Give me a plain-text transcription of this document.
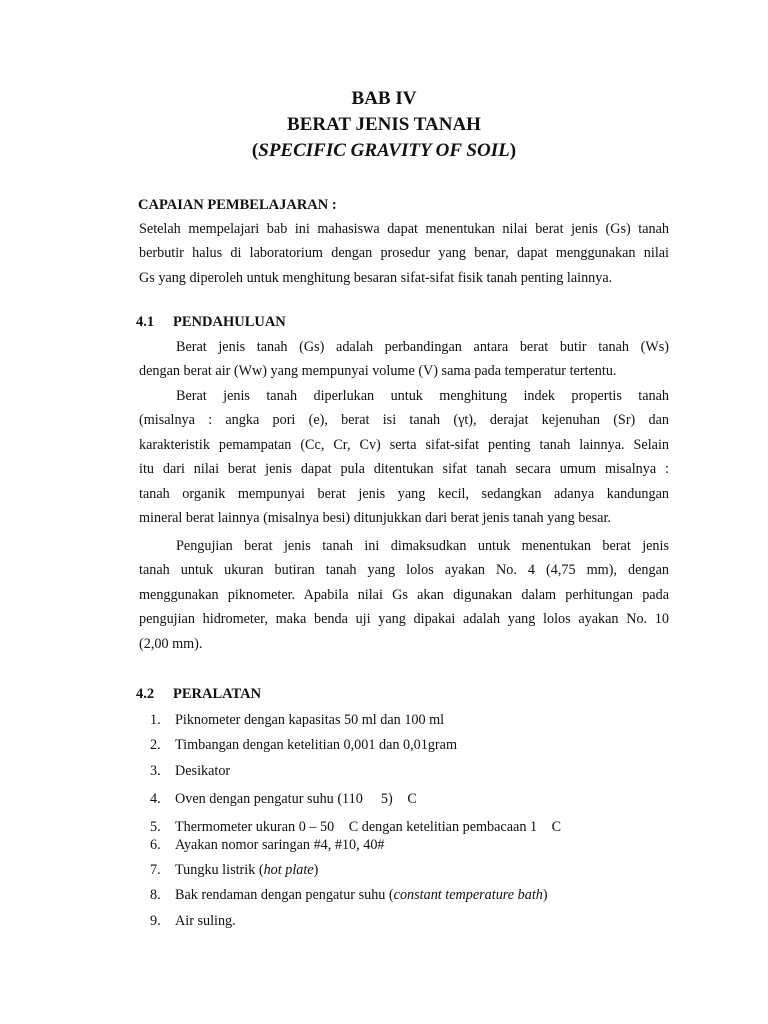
BAB IV
BERAT JENIS TANAH
(SPECIFIC GRAVITY OF SOIL)
CAPAIAN PEMBELAJARAN :
Setelah mempelajari bab ini mahasiswa dapat menentukan nilai berat jenis (Gs) tanah
berbutir halus di laboratorium dengan prosedur yang benar, dapat menggunakan nilai
Gs yang diperoleh untuk menghitung besaran sifat-sifat fisik tanah penting lainnya.
4.1 PENDAHULUAN
Berat jenis tanah (Gs) adalah perbandingan antara berat butir tanah (Ws)
dengan berat air (Ww) yang mempunyai volume (V) sama pada temperatur tertentu.
Berat jenis tanah diperlukan untuk menghitung indek propertis tanah
(misalnya : angka pori (e), berat isi tanah (γt), derajat kejenuhan (Sr) dan
karakteristik pemampatan (Cc, Cr, Cv) serta sifat-sifat penting tanah lainnya. Selain
itu dari nilai berat jenis dapat pula ditentukan sifat tanah secara umum misalnya :
tanah organik mempunyai berat jenis yang kecil, sedangkan adanya kandungan
mineral berat lainnya (misalnya besi) ditunjukkan dari berat jenis tanah yang besar.
Pengujian berat jenis tanah ini dimaksudkan untuk menentukan berat jenis
tanah untuk ukuran butiran tanah yang lolos ayakan No. 4 (4,75 mm), dengan
menggunakan piknometer. Apabila nilai Gs akan digunakan dalam perhitungan pada
pengujian hidrometer, maka benda uji yang dipakai adalah yang lolos ayakan No. 10
(2,00 mm).
4.2 PERALATAN
1. Piknometer dengan kapasitas 50 ml dan 100 ml
2. Timbangan dengan ketelitian 0,001 dan 0,01gram
3. Desikator
4. Oven dengan pengatur suhu (110   5)  C
5. Thermometer ukuran 0 – 50  C dengan ketelitian pembacaan 1  C
6. Ayakan nomor saringan #4, #10, 40#
7. Tungku listrik (hot plate)
8. Bak rendaman dengan pengatur suhu (constant temperature bath)
9. Air suling.
